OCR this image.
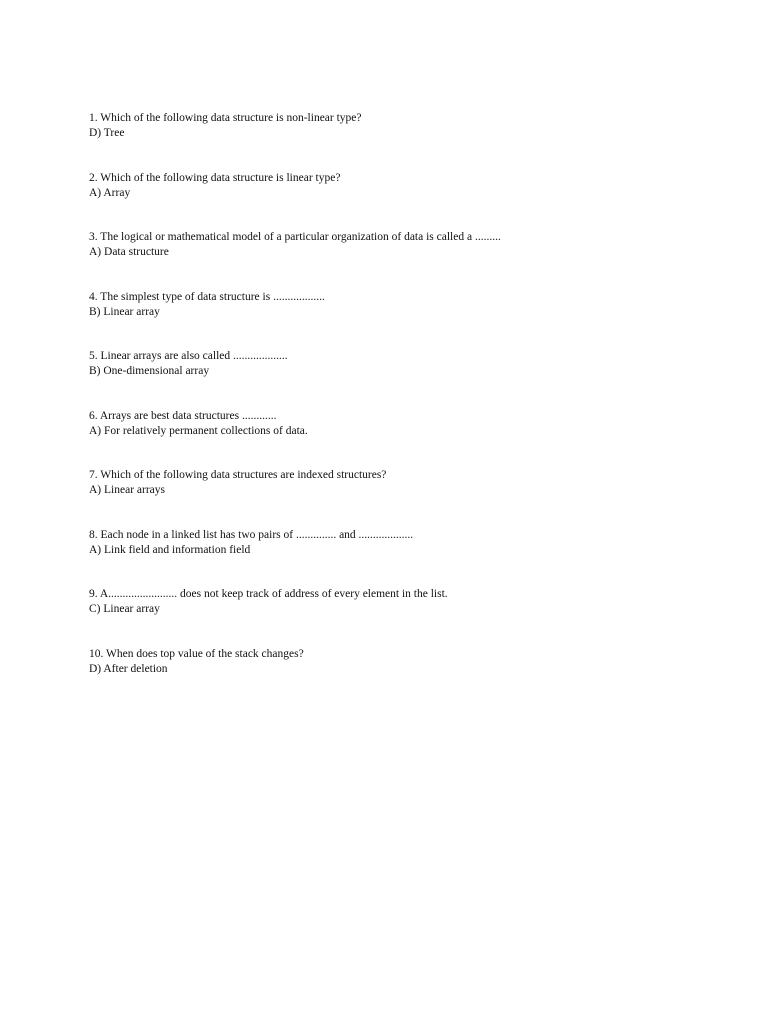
1. Which of the following data structure is non-linear type?
D) Tree
2. Which of the following data structure is linear type?
A) Array
3. The logical or mathematical model of a particular organization of data is called a .........
A) Data structure
4. The simplest type of data structure is ..................
B) Linear array
5. Linear arrays are also called ...................
B) One-dimensional array
6. Arrays are best data structures ............
A) For relatively permanent collections of data.
7. Which of the following data structures are indexed structures?
A) Linear arrays
8. Each node in a linked list has two pairs of .............. and ...................
A) Link field and information field
9. A........................ does not keep track of address of every element in the list.
C) Linear array
10. When does top value of the stack changes?
D) After deletion
